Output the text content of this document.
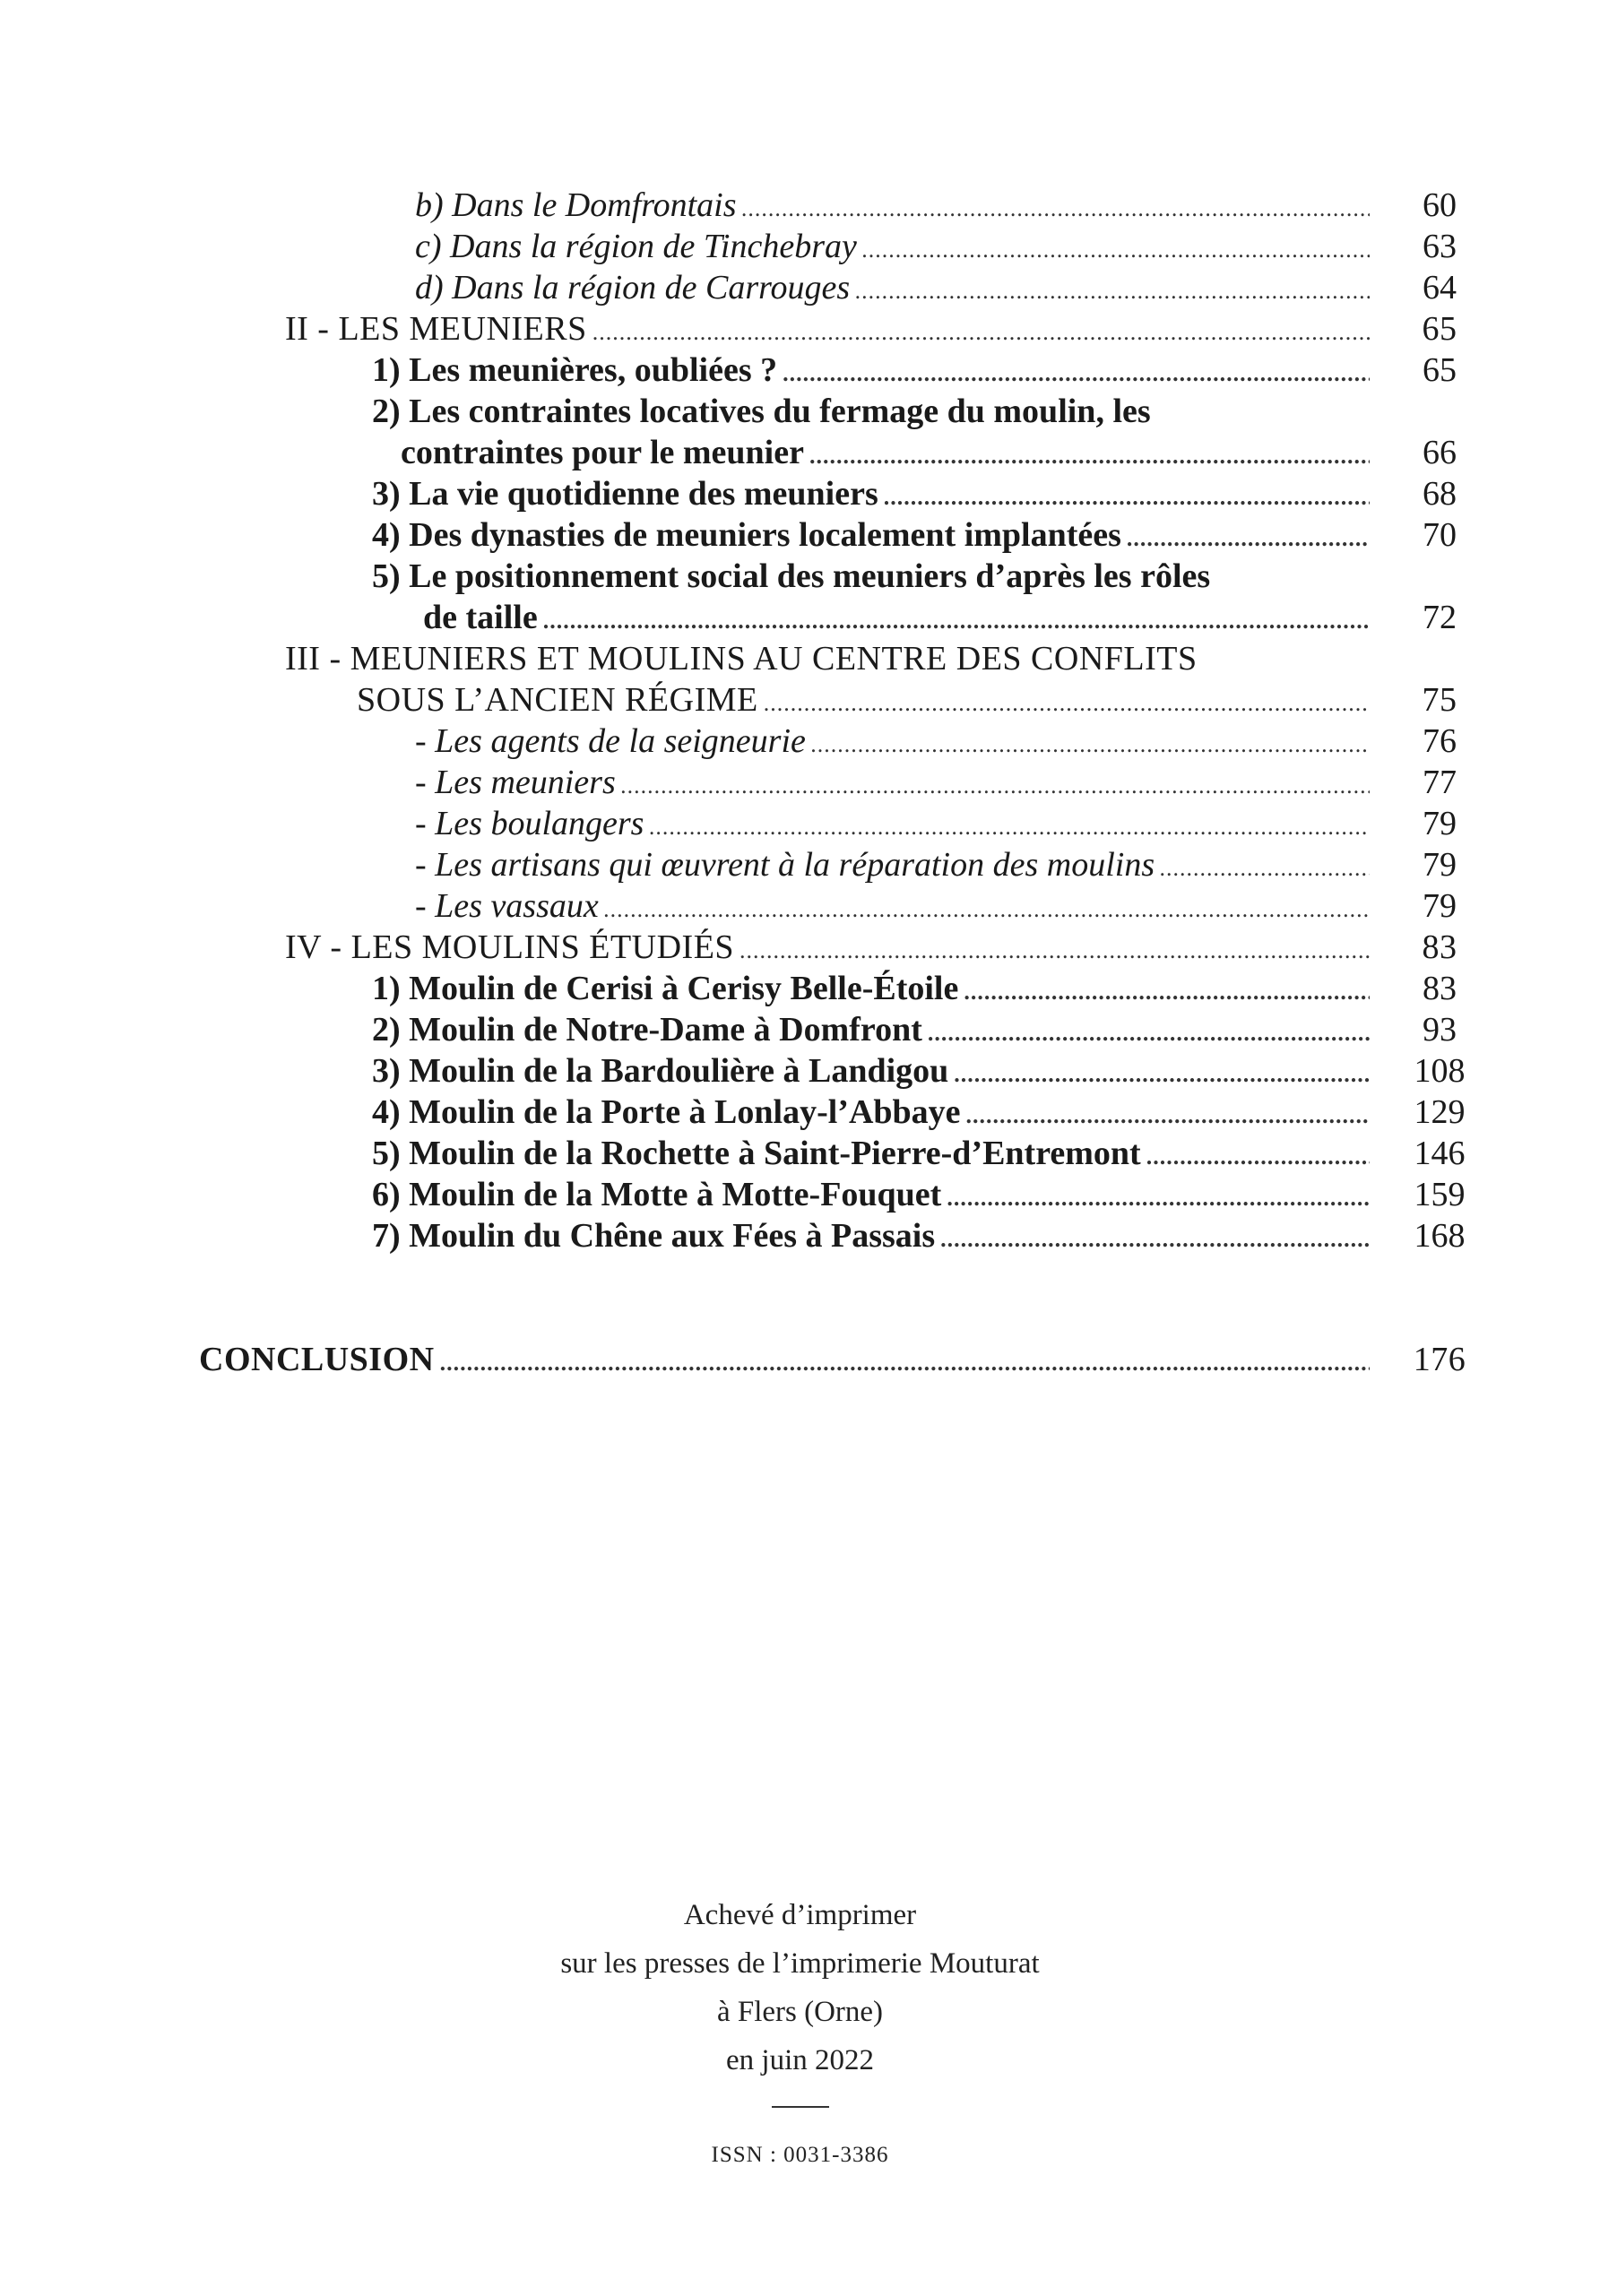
b) Dans le Domfrontais .....	60
c) Dans la région de Tinchebray .....	63
d) Dans la région de Carrouges .....	64
II - LES MEUNIERS .....	65
1) Les meunières, oubliées ? .....	65
2) Les contraintes locatives du fermage du moulin, les
contraintes pour le meunier .....	66
3) La vie quotidienne des meuniers .....	68
4) Des dynasties de meuniers localement implantées .....	70
5) Le positionnement social des meuniers d’après les rôles
de taille .....	72
III - MEUNIERS ET MOULINS AU CENTRE DES CONFLITS
SOUS L’ANCIEN RÉGIME .....	75
- Les agents de la seigneurie .....	76
- Les meuniers .....	77
- Les boulangers .....	79
- Les artisans qui œuvrent à la réparation des moulins .....	79
- Les vassaux .....	79
IV - LES MOULINS ÉTUDIÉS .....	83
1) Moulin de Cerisi à Cerisy Belle-Étoile .....	83
2) Moulin de Notre-Dame à Domfront .....	93
3) Moulin de la Bardoulière à Landigou .....	108
4) Moulin de la Porte à Lonlay-l’Abbaye .....	129
5) Moulin de la Rochette à Saint-Pierre-d’Entremont .....	146
6) Moulin de la Motte à Motte-Fouquet .....	159
7) Moulin du Chêne aux Fées à Passais .....	168
CONCLUSION .....	176
Achevé d’imprimer
sur les presses de l’imprimerie Mouturat
à Flers (Orne)
en juin 2022
ISSN : 0031-3386
